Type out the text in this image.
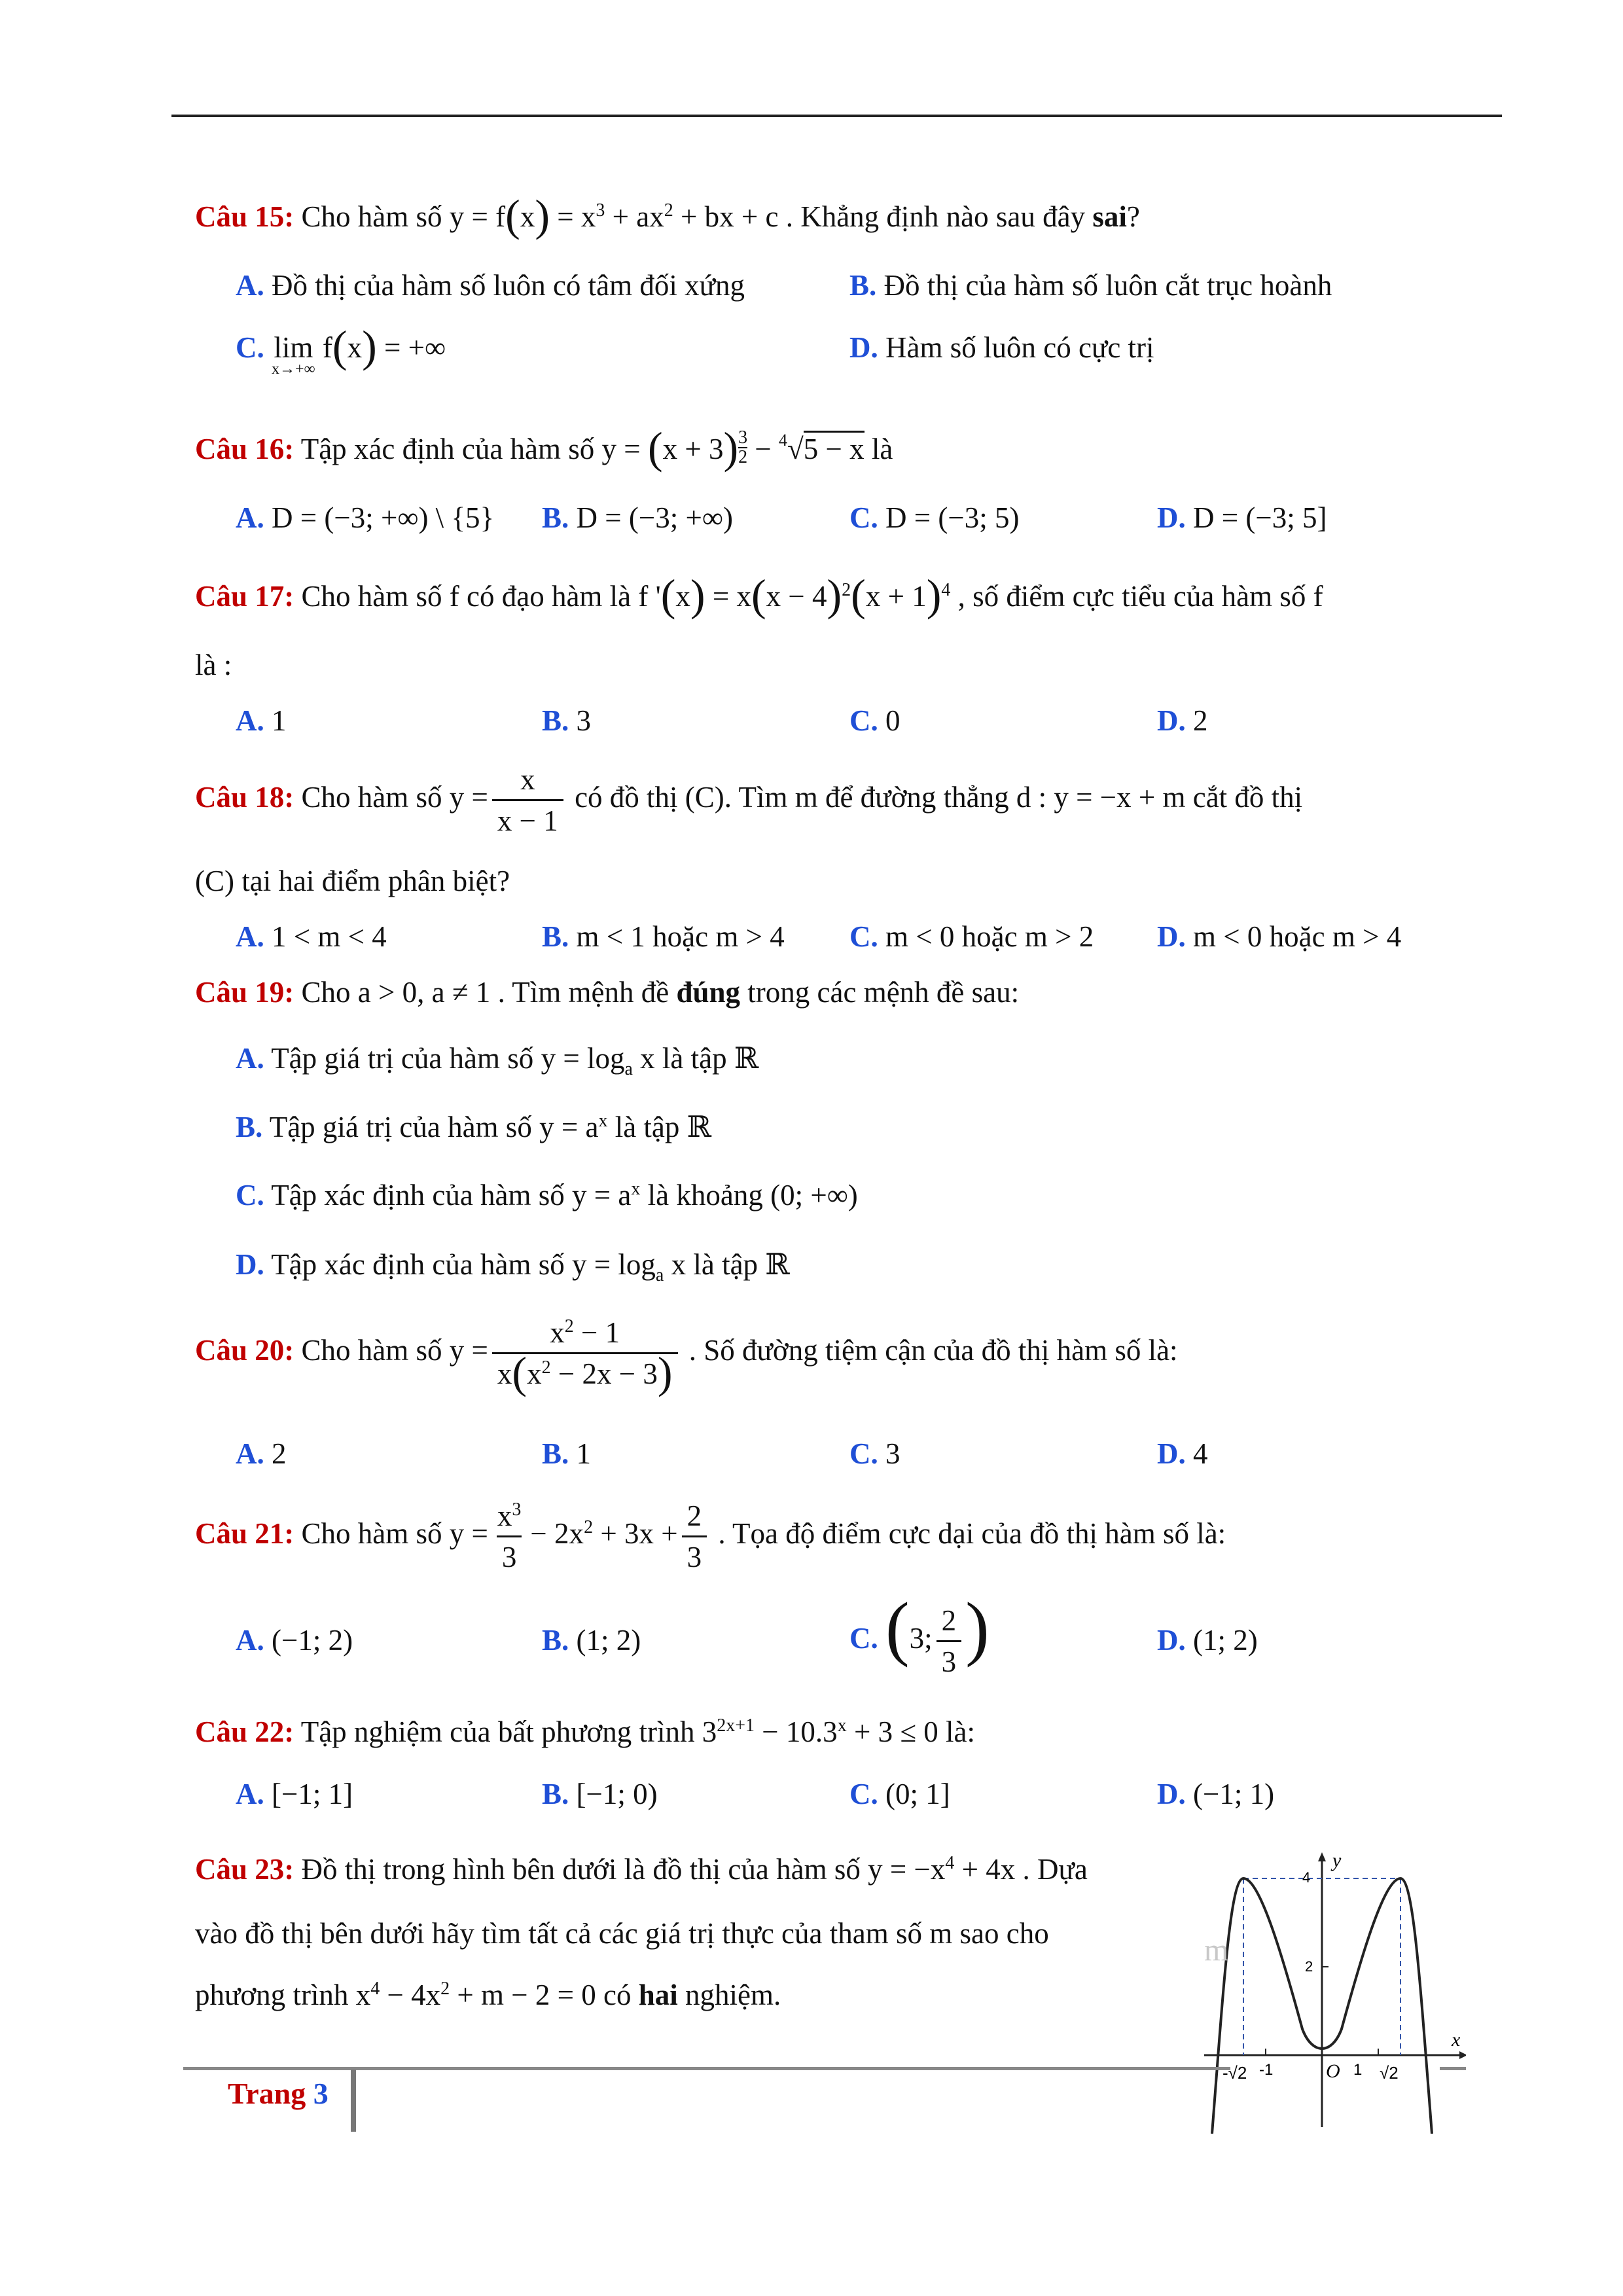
Câu 15: Cho hàm số $y = f(x) = x^3 + ax^2$ + bx + c . Khẳng định nào sau đây sai?
A. Đồ thị của hàm số luôn có tâm đối xứng	B. Đồ thị của hàm số luôn cắt trục hoành
C. lim
x→+∞
f(x) = +∞	D. Hàm số luôn có cực trị
Câu 16: Tập xác định của hàm số y = (x + 3) $^{\frac{3}{2}}$ − $^4$√5 − x là
A. D = (−3; +∞) \ {5} B. D = (−3; +∞)	C. D = (−3; 5)	D. D = (−3; 5]
Câu 17: Cho hàm số f có đạo hàm là f '$(x) = x(x - 4)^2(x + 1)^4$ , số điểm cực tiểu của hàm số f
là :
A. 1	B. 3	C. 0	D. 2
Câu 18: Cho hàm số $y = \frac{x}{x - 1}$ có đồ thị (C). Tìm m để đường thẳng d : y = −x + m cắt đồ thị
(C) tại hai điểm phân biệt?
A. 1 < m < 4	B. m < 1 hoặc m > 4 C. m < 0 hoặc m > 2 D. m < 0 hoặc m > 4
Câu 19: Cho a > 0, a ≠ 1 . Tìm mệnh đề đúng trong các mệnh đề sau:
A. Tập giá trị của hàm số $y = \log_a x$ là tập ℝ
B. Tập giá trị của hàm số $y = a^x$ là tập ℝ
C. Tập xác định của hàm số $y = a^x$ là khoảng (0; +∞)
D. Tập xác định của hàm số $y = \log_a x$ là tập ℝ
Câu 20: Cho hàm số $y = \frac{x^2 - 1}{x(x^2 - 2x - 3)}$ . Số đường tiệm cận của đồ thị hàm số là:
A. 2	B. 1	C. 3	D. 4
Câu 21: Cho hàm số $y = \frac{x^3}{3} - 2x^2 + 3x + \frac{2}{3}$ . Tọa độ điểm cực dại của đồ thị hàm số là:
A. (−1; 2)	B. (1; 2)	C. (3; $\frac{2}{3}$ )	D. (1; 2)
Câu 22: Tập nghiệm của bất phương trình $3^{2x+1} - 10.3^x + 3 \le 0$ là:
A. [−1; 1]	B. [−1; 0)	C. (0; 1]	D. (−1; 1)
Câu 23: Đồ thị trong hình bên dưới là đồ thị của hàm số $y = -x^4 + 4x$ . Dựa
vào đồ thị bên dưới hãy tìm tất cả các giá trị thực của tham số m sao cho
phương trình $x^4 - 4x^2 + m - 2 = 0$ có hai nghiệm.
y
x
4
2
O
-√2 -1	1 √2
m
Trang 3
